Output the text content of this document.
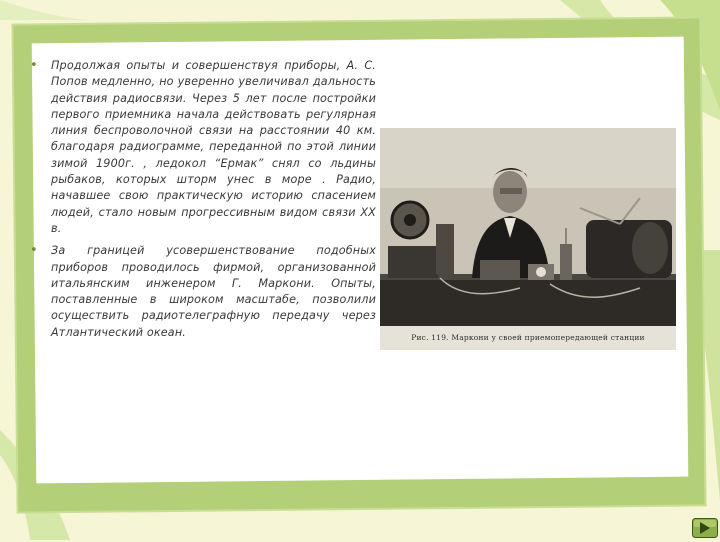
• Продолжая опыты и совершенствуя приборы, А. С. Попов медленно, но уверенно увеличивал дальность действия радиосвязи. Через 5 лет после постройки первого приемника начала действовать регулярная линия беспроволочной связи на расстоянии 40 км. благодаря радиограмме, переданной по этой линии зимой 1900г. , ледокол “Ермак” снял со льдины рыбаков, которых шторм унес в море . Радио, начавшее свою практическую историю спасением людей, стало новым прогрессивным видом связи XX в.
• За границей усовершенствование подобных приборов проводилось фирмой, организованной итальянским инженером Г. Маркони. Опыты, поставленные в широком масштабе, позволили осуществить радиотелеграфную передачу через Атлантический океан.	Рис. 119. Маркони у своей приемопередающей станции
